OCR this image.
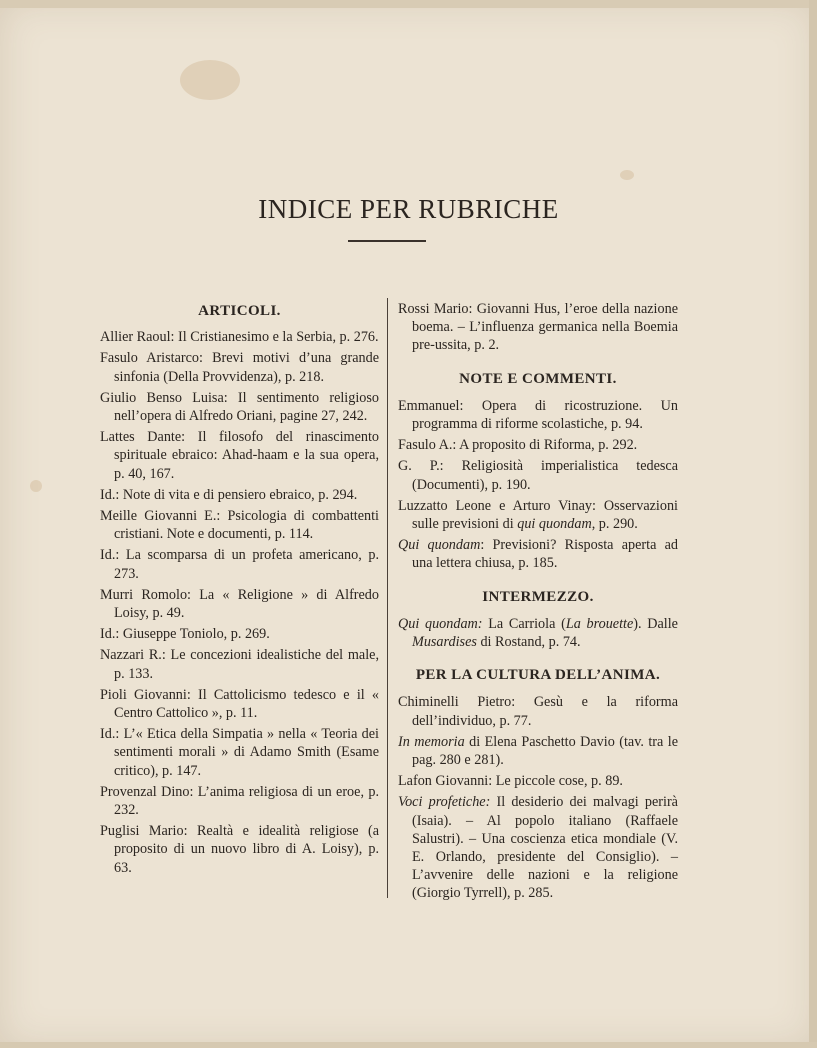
INDICE PER RUBRICHE
ARTICOLI.
Allier Raoul: Il Cristianesimo e la Serbia, p. 276.
Fasulo Aristarco: Brevi motivi d’una grande sinfonia (Della Provvidenza), p. 218.
Giulio Benso Luisa: Il sentimento religioso nell’opera di Alfredo Oriani, pagine 27, 242.
Lattes Dante: Il filosofo del rinascimento spirituale ebraico: Ahad-haam e la sua opera, p. 40, 167.
Id.: Note di vita e di pensiero ebraico, p. 294.
Meille Giovanni E.: Psicologia di combattenti cristiani. Note e documenti, p. 114.
Id.: La scomparsa di un profeta americano, p. 273.
Murri Romolo: La « Religione » di Alfredo Loisy, p. 49.
Id.: Giuseppe Toniolo, p. 269.
Nazzari R.: Le concezioni idealistiche del male, p. 133.
Pioli Giovanni: Il Cattolicismo tedesco e il « Centro Cattolico », p. 11.
Id.: L’« Etica della Simpatia » nella « Teoria dei sentimenti morali » di Adamo Smith (Esame critico), p. 147.
Provenzal Dino: L’anima religiosa di un eroe, p. 232.
Puglisi Mario: Realtà e idealità religiose (a proposito di un nuovo libro di A. Loisy), p. 63.
Rossi Mario: Giovanni Hus, l’eroe della nazione boema. – L’influenza germanica nella Boemia pre-ussita, p. 2.
NOTE E COMMENTI.
Emmanuel: Opera di ricostruzione. Un programma di riforme scolastiche, p. 94.
Fasulo A.: A proposito di Riforma, p. 292.
G. P.: Religiosità imperialistica tedesca (Documenti), p. 190.
Luzzatto Leone e Arturo Vinay: Osservazioni sulle previsioni di qui quondam, p. 290.
Qui quondam: Previsioni? Risposta aperta ad una lettera chiusa, p. 185.
INTERMEZZO.
Qui quondam: La Carriola (La brouette). Dalle Musardises di Rostand, p. 74.
PER LA CULTURA DELL’ANIMA.
Chiminelli Pietro: Gesù e la riforma dell’individuo, p. 77.
In memoria di Elena Paschetto Davio (tav. tra le pag. 280 e 281).
Lafon Giovanni: Le piccole cose, p. 89.
Voci profetiche: Il desiderio dei malvagi perirà (Isaia). – Al popolo italiano (Raffaele Salustri). – Una coscienza etica mondiale (V. E. Orlando, presidente del Consiglio). – L’avvenire delle nazioni e la religione (Giorgio Tyrrell), p. 285.
